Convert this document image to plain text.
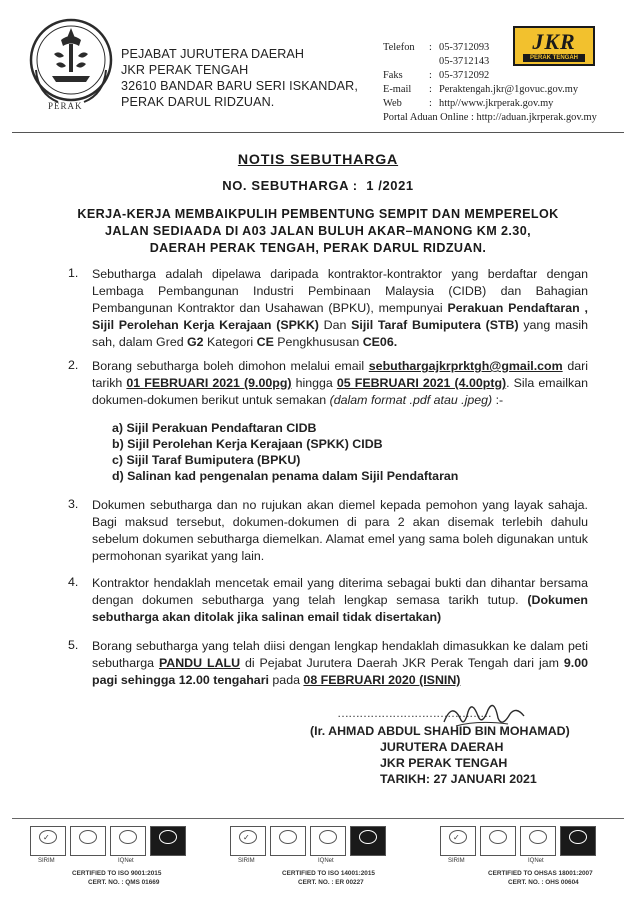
PERAK
PEJABAT JURUTERA DAERAH
JKR PERAK TENGAH
32610 BANDAR BARU SERI ISKANDAR,
PERAK DARUL RIDZUAN.
Telefon : 05-3712093
05-3712143
Faks	: 05-3712092
E-mail : Peraktengah.jkr@1govuc.gov.my
Web	: http//www.jkrperak.gov.my
Portal Aduan Online : http://aduan.jkrperak.gov.my
JKR
PERAK TENGAH
NOTIS SEBUTHARGA
NO. SEBUTHARGA : 1 /2021
KERJA-KERJA MEMBAIKPULIH PEMBENTUNG SEMPIT DAN MEMPERELOK
JALAN SEDIAADA DI A03 JALAN BULUH AKAR–MANONG KM 2.30,
DAERAH PERAK TENGAH, PERAK DARUL RIDZUAN.
1. Sebutharga adalah dipelawa daripada kontraktor-kontraktor yang berdaftar dengan Lembaga Pembangunan Industri Pembinaan Malaysia (CIDB) dan Bahagian Pembangunan Kontraktor dan Usahawan (BPKU), mempunyai Perakuan Pendaftaran , Sijil Perolehan Kerja Kerajaan (SPKK) Dan Sijil Taraf Bumiputera (STB) yang masih sah, dalam Gred G2 Kategori CE Pengkhususan CE06.
2. Borang sebutharga boleh dimohon melalui email sebuthargajkrprktgh@gmail.com dari tarikh 01 FEBRUARI 2021 (9.00pg) hingga 05 FEBRUARI 2021 (4.00ptg). Sila emailkan dokumen-dokumen berikut untuk semakan (dalam format .pdf atau .jpeg) :-
a) Sijil Perakuan Pendaftaran CIDB
b) Sijil Perolehan Kerja Kerajaan (SPKK) CIDB
c) Sijil Taraf Bumiputera (BPKU)
d) Salinan kad pengenalan penama dalam Sijil Pendaftaran
3. Dokumen sebutharga dan no rujukan akan diemel kepada pemohon yang layak sahaja. Bagi maksud tersebut, dokumen-dokumen di para 2 akan disemak terlebih dahulu sebelum dokumen sebutharga diemelkan. Alamat emel yang sama boleh digunakan untuk permohonan syarikat yang lain.
4. Kontraktor hendaklah mencetak email yang diterima sebagai bukti dan dihantar bersama dengan dokumen sebutharga yang telah lengkap semasa tarikh tutup. (Dokumen sebutharga akan ditolak jika salinan email tidak disertakan)
5. Borang sebutharga yang telah diisi dengan lengkap hendaklah dimasukkan ke dalam peti sebutharga PANDU LALU di Pejabat Jurutera Daerah JKR Perak Tengah dari jam 9.00 pagi sehingga 12.00 tengahari pada 08 FEBRUARI 2020 (ISNIN)
……………………………………
(Ir. AHMAD ABDUL SHAHID BIN MOHAMAD)
JURUTERA DAERAH
JKR PERAK TENGAH
TARIKH: 27 JANUARI 2021
✓	✓	✓
SIRIM	IQNet	SIRIM	IQNet	SIRIM	IQNet
CERTIFIED TO ISO 9001:2015
CERT. NO. : QMS 01669
CERTIFIED TO ISO 14001:2015
CERT. NO. : ER 00227
CERTIFIED TO OHSAS 18001:2007
CERT. NO. : OHS 00604
